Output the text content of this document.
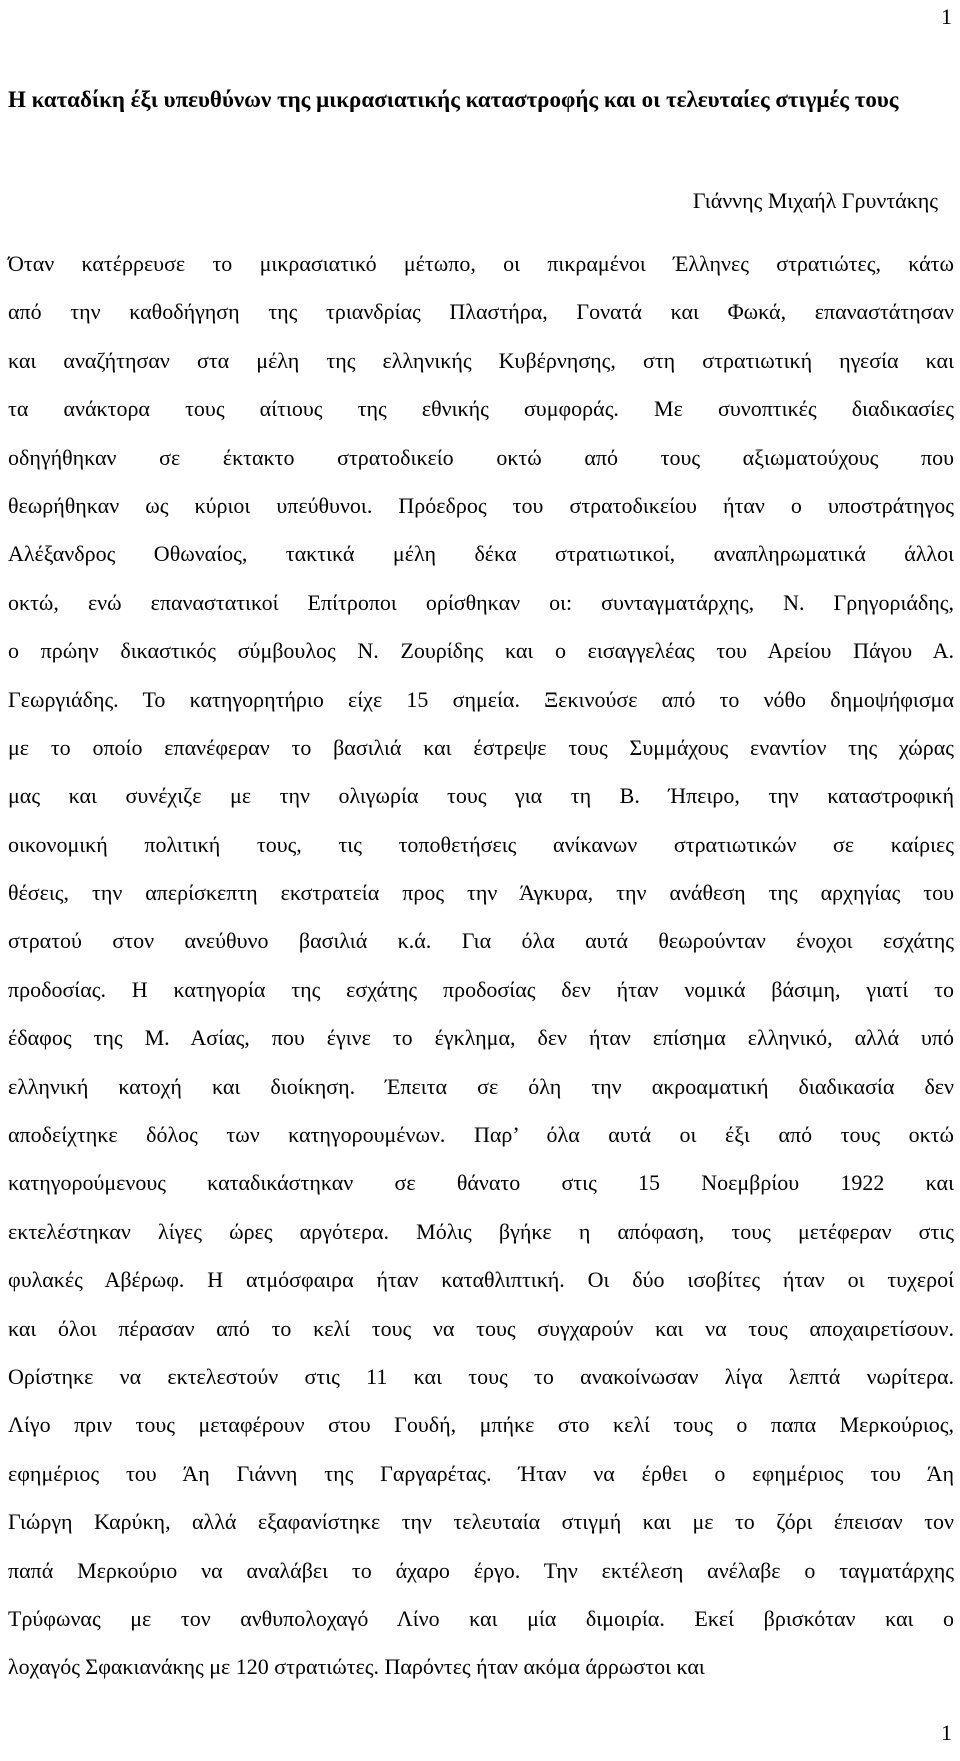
1
Η καταδίκη έξι υπευθύνων της μικρασιατικής καταστροφής και οι τελευταίες στιγμές τους
Γιάννης Μιχαήλ Γρυντάκης
Όταν κατέρρευσε το μικρασιατικό μέτωπο, οι πικραμένοι Έλληνες στρατιώτες, κάτω
από την καθοδήγηση της τριανδρίας Πλαστήρα, Γονατά και Φωκά, επαναστάτησαν
και αναζήτησαν στα μέλη της ελληνικής Κυβέρνησης, στη στρατιωτική ηγεσία και
τα ανάκτορα τους αίτιους της εθνικής συμφοράς. Με συνοπτικές διαδικασίες
οδηγήθηκαν σε έκτακτο στρατοδικείο οκτώ από τους αξιωματούχους που
θεωρήθηκαν ως κύριοι υπεύθυνοι. Πρόεδρος του στρατοδικείου ήταν ο υποστράτηγος
Αλέξανδρος Οθωναίος, τακτικά μέλη δέκα στρατιωτικοί, αναπληρωματικά άλλοι
οκτώ, ενώ επαναστατικοί Επίτροποι ορίσθηκαν οι: συνταγματάρχης, Ν. Γρηγοριάδης,
ο πρώην δικαστικός σύμβουλος Ν. Ζουρίδης και ο εισαγγελέας του Αρείου Πάγου Α.
Γεωργιάδης. Το κατηγορητήριο είχε 15 σημεία. Ξεκινούσε από το νόθο δημοψήφισμα
με το οποίο επανέφεραν το βασιλιά και έστρεψε τους Συμμάχους εναντίον της χώρας
μας και συνέχιζε με την ολιγωρία τους για τη Β. Ήπειρο, την καταστροφική
οικονομική πολιτική τους, τις τοποθετήσεις ανίκανων στρατιωτικών σε καίριες
θέσεις, την απερίσκεπτη εκστρατεία προς την Άγκυρα, την ανάθεση της αρχηγίας του
στρατού στον ανεύθυνο βασιλιά κ.ά. Για όλα αυτά θεωρούνταν ένοχοι εσχάτης
προδοσίας. Η κατηγορία της εσχάτης προδοσίας δεν ήταν νομικά βάσιμη, γιατί το
έδαφος της Μ. Ασίας, που έγινε το έγκλημα, δεν ήταν επίσημα ελληνικό, αλλά υπό
ελληνική κατοχή και διοίκηση. Έπειτα σε όλη την ακροαματική διαδικασία δεν
αποδείχτηκε δόλος των κατηγορουμένων. Παρ’ όλα αυτά οι έξι από τους οκτώ
κατηγορούμενους καταδικάστηκαν σε θάνατο στις 15 Νοεμβρίου 1922 και
εκτελέστηκαν λίγες ώρες αργότερα. Μόλις βγήκε η απόφαση, τους μετέφεραν στις
φυλακές Αβέρωφ. Η ατμόσφαιρα ήταν καταθλιπτική. Οι δύο ισοβίτες ήταν οι τυχεροί
και όλοι πέρασαν από το κελί τους να τους συγχαρούν και να τους αποχαιρετίσουν.
Ορίστηκε να εκτελεστούν στις 11 και τους το ανακοίνωσαν λίγα λεπτά νωρίτερα.
Λίγο πριν τους μεταφέρουν στου Γουδή, μπήκε στο κελί τους ο παπα Μερκούριος,
εφημέριος του Άη Γιάννη της Γαργαρέτας. Ήταν να έρθει ο εφημέριος του Άη
Γιώργη Καρύκη, αλλά εξαφανίστηκε την τελευταία στιγμή και με το ζόρι έπεισαν τον
παπά Μερκούριο να αναλάβει το άχαρο έργο. Την εκτέλεση ανέλαβε ο ταγματάρχης
Τρύφωνας με τον ανθυπολοχαγό Λίνο και μία διμοιρία. Εκεί βρισκόταν και ο
λοχαγός Σφακιανάκης με 120 στρατιώτες. Παρόντες ήταν ακόμα άρρωστοι και
1
